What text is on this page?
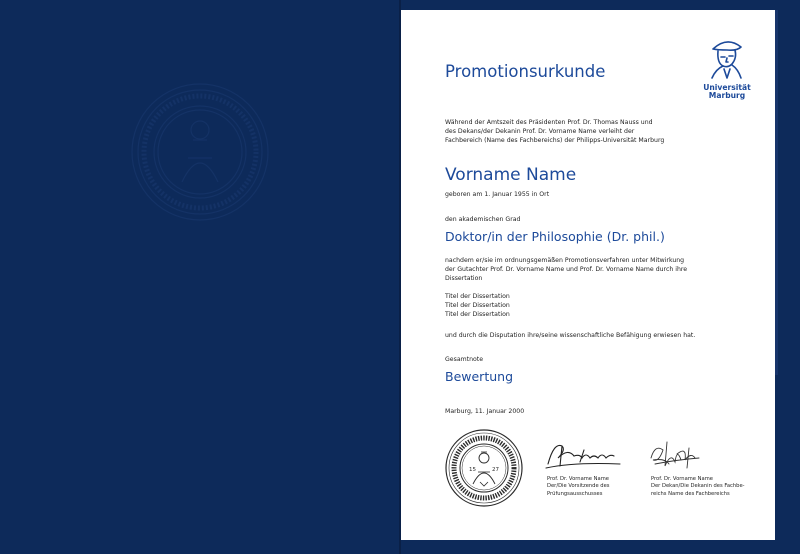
Universität
Marburg

Promotionsurkunde

Während der Amtszeit des Präsidenten Prof. Dr. Thomas Nauss und
des Dekans/der Dekanin Prof. Dr. Vorname Name verleiht der
Fachbereich (Name des Fachbereichs) der Philipps-Universität Marburg

Vorname Name

geboren am 1. Januar 1955 in Ort

den akademischen Grad

Doktor/in der Philosophie (Dr. phil.)

nachdem er/sie im ordnungsgemäßen Promotionsverfahren unter Mitwirkung
der Gutachter Prof. Dr. Vorname Name und Prof. Dr. Vorname Name durch ihre
Dissertation
Titel der Dissertation
Titel der Dissertation
Titel der Dissertation

und durch die Disputation ihre/seine wissenschaftliche Befähigung erwiesen hat.

Gesamtnote

Bewertung

Marburg, 11. Januar 2000

15	27
Prof. Dr. Vorname Name
Der/Die Vorsitzende des
Prüfungsausschusses
Prof. Dr. Vorname Name
Der Dekan/Die Dekanin des Fachbe-
reichs Name des Fachbereichs
